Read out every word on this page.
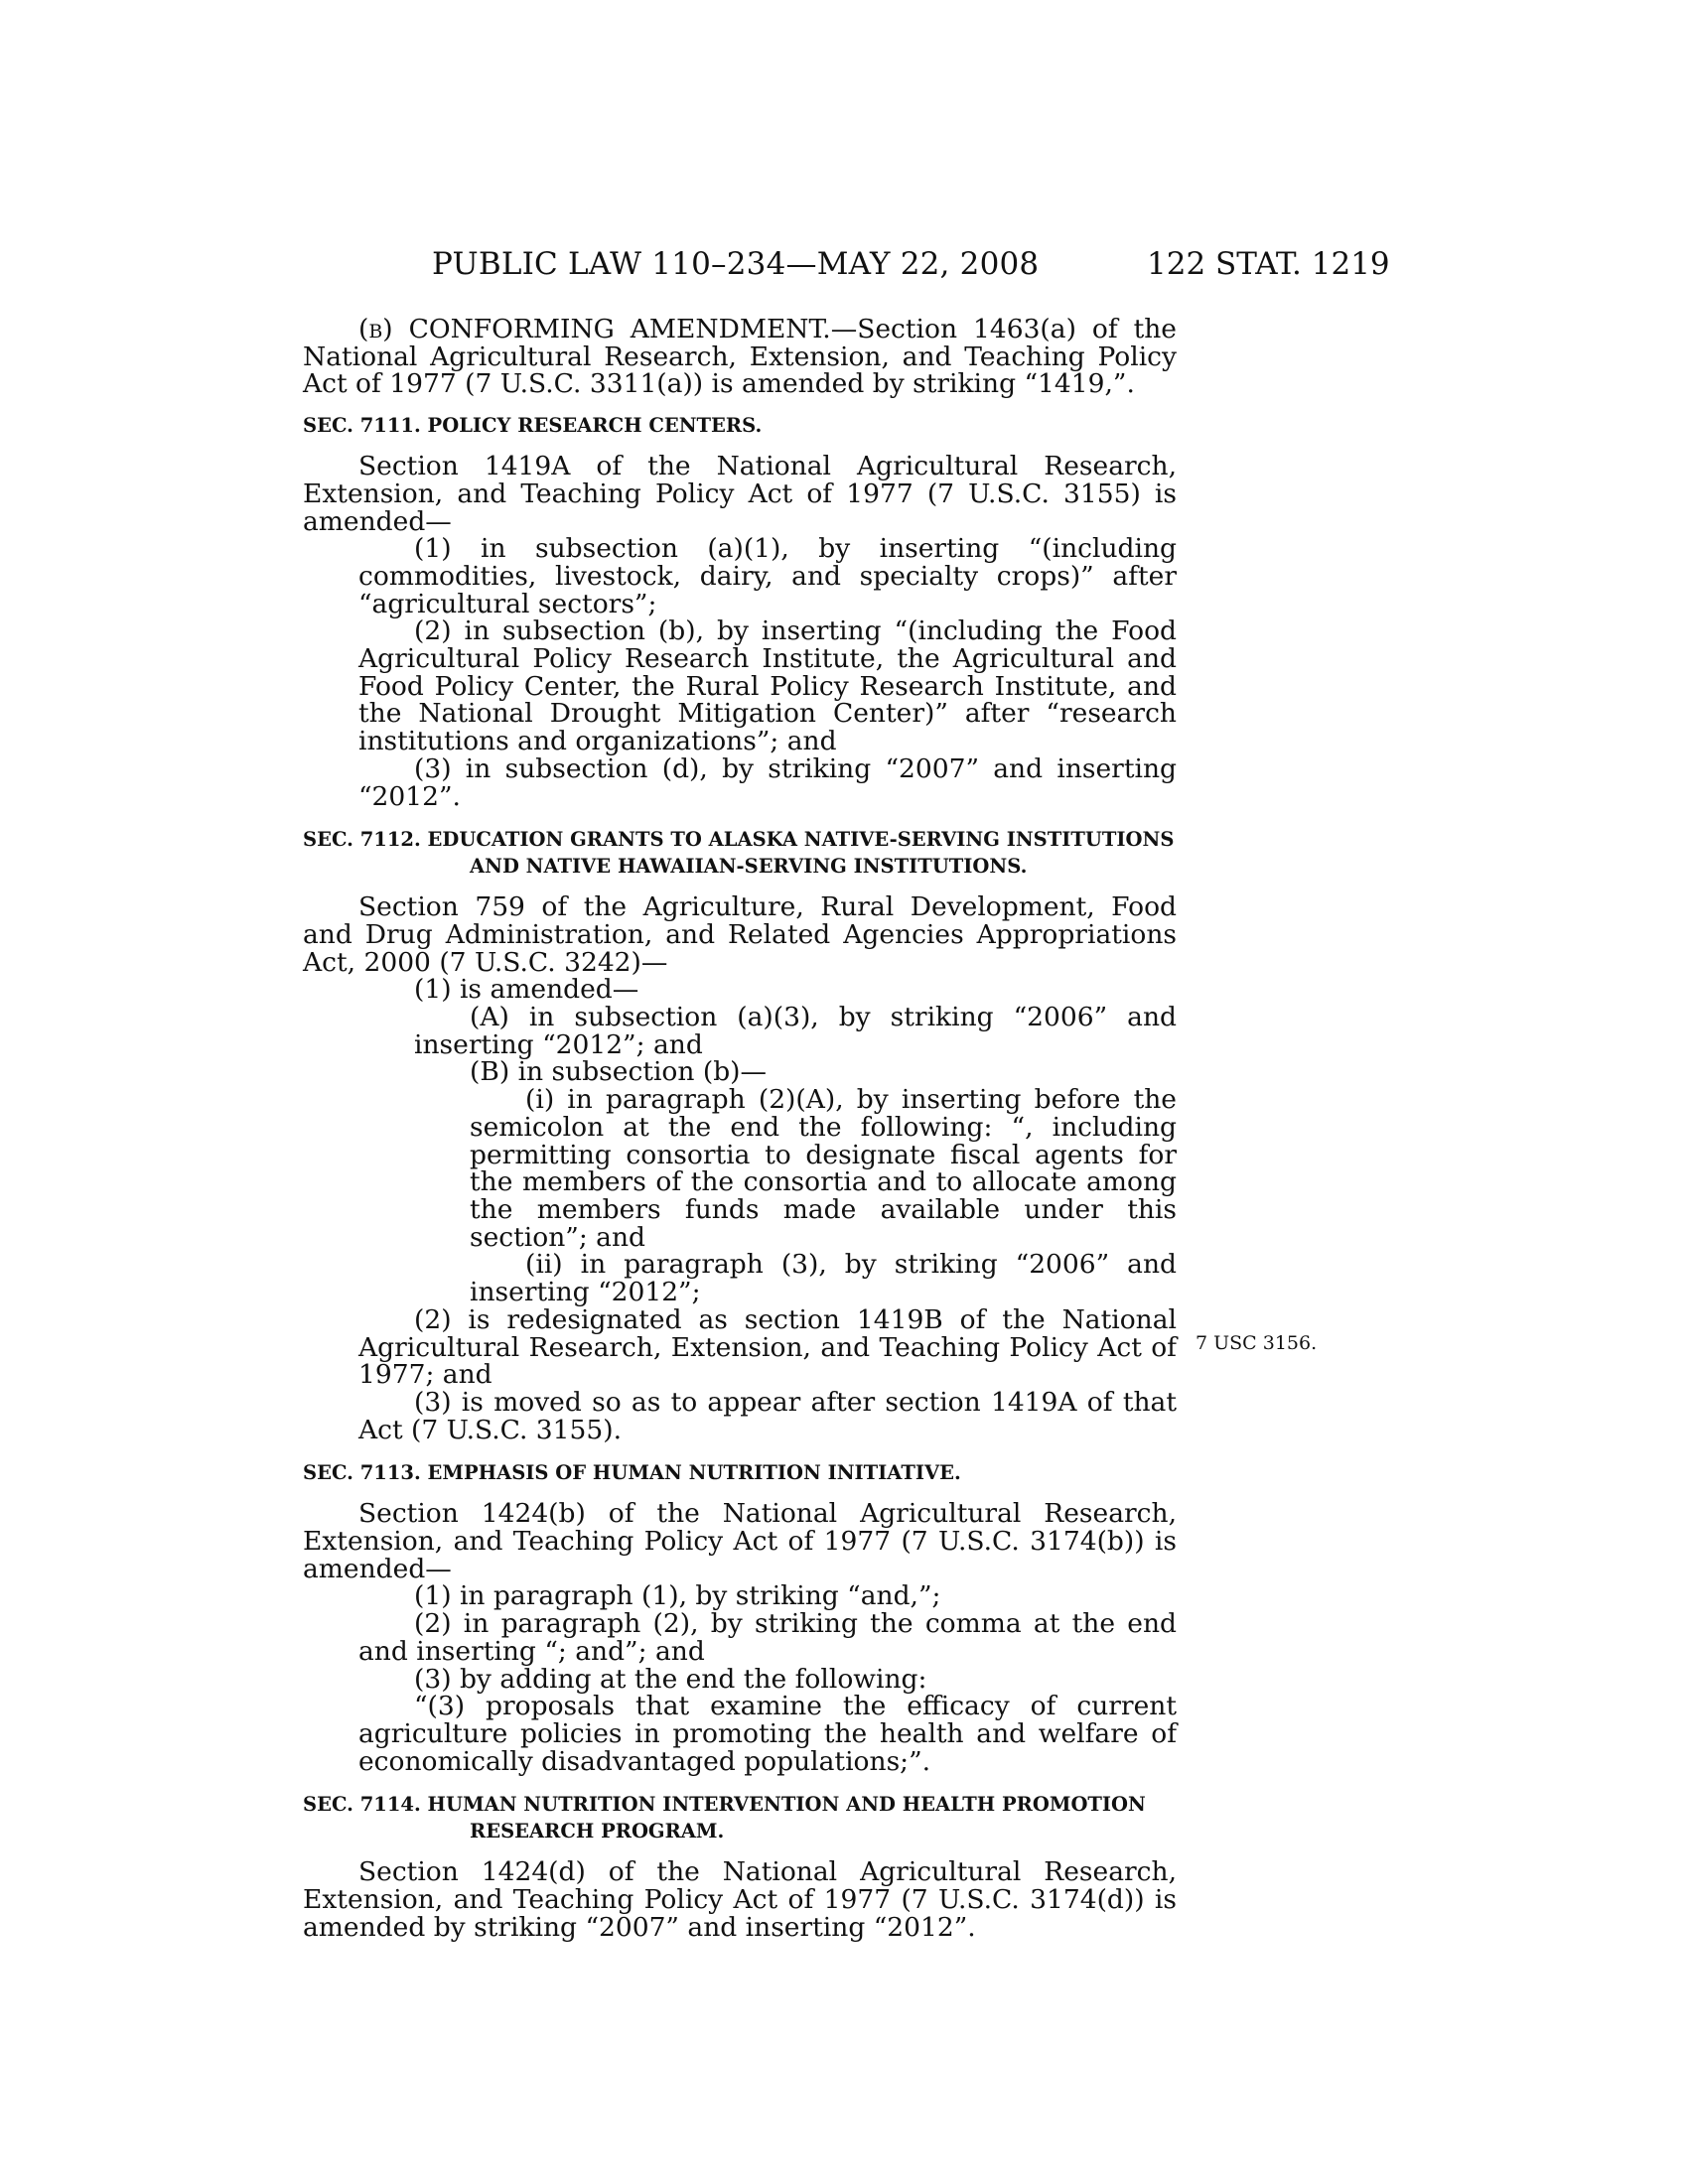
PUBLIC LAW 110–234—MAY 22, 2008	122 STAT. 1219

(b) CONFORMING AMENDMENT.—Section 1463(a) of the National Agricultural Research, Extension, and Teaching Policy Act of 1977 (7 U.S.C. 3311(a)) is amended by striking “1419,”.

SEC. 7111. POLICY RESEARCH CENTERS.

Section 1419A of the National Agricultural Research, Extension, and Teaching Policy Act of 1977 (7 U.S.C. 3155) is amended—

(1) in subsection (a)(1), by inserting “(including commodities, livestock, dairy, and specialty crops)” after “agricultural sectors”;

(2) in subsection (b), by inserting “(including the Food Agricultural Policy Research Institute, the Agricultural and Food Policy Center, the Rural Policy Research Institute, and the National Drought Mitigation Center)” after “research institutions and organizations”; and

(3) in subsection (d), by striking “2007” and inserting “2012”.

SEC. 7112. EDUCATION GRANTS TO ALASKA NATIVE-SERVING INSTITUTIONS AND NATIVE HAWAIIAN-SERVING INSTITUTIONS.

Section 759 of the Agriculture, Rural Development, Food and Drug Administration, and Related Agencies Appropriations Act, 2000 (7 U.S.C. 3242)—

(1) is amended—

(A) in subsection (a)(3), by striking “2006” and inserting “2012”; and

(B) in subsection (b)—

(i) in paragraph (2)(A), by inserting before the semicolon at the end the following: “, including permitting consortia to designate fiscal agents for the members of the consortia and to allocate among the members funds made available under this section”; and

(ii) in paragraph (3), by striking “2006” and inserting “2012”;

(2) is redesignated as section 1419B of the National Agricultural Research, Extension, and Teaching Policy Act of 1977; and

(3) is moved so as to appear after section 1419A of that Act (7 U.S.C. 3155).

SEC. 7113. EMPHASIS OF HUMAN NUTRITION INITIATIVE.

Section 1424(b) of the National Agricultural Research, Extension, and Teaching Policy Act of 1977 (7 U.S.C. 3174(b)) is amended—

(1) in paragraph (1), by striking “and,”;

(2) in paragraph (2), by striking the comma at the end and inserting “; and”; and

(3) by adding at the end the following:

“(3) proposals that examine the efficacy of current agriculture policies in promoting the health and welfare of economically disadvantaged populations;”.

SEC. 7114. HUMAN NUTRITION INTERVENTION AND HEALTH PROMOTION RESEARCH PROGRAM.

Section 1424(d) of the National Agricultural Research, Extension, and Teaching Policy Act of 1977 (7 U.S.C. 3174(d)) is amended by striking “2007” and inserting “2012”.

7 USC 3156.
